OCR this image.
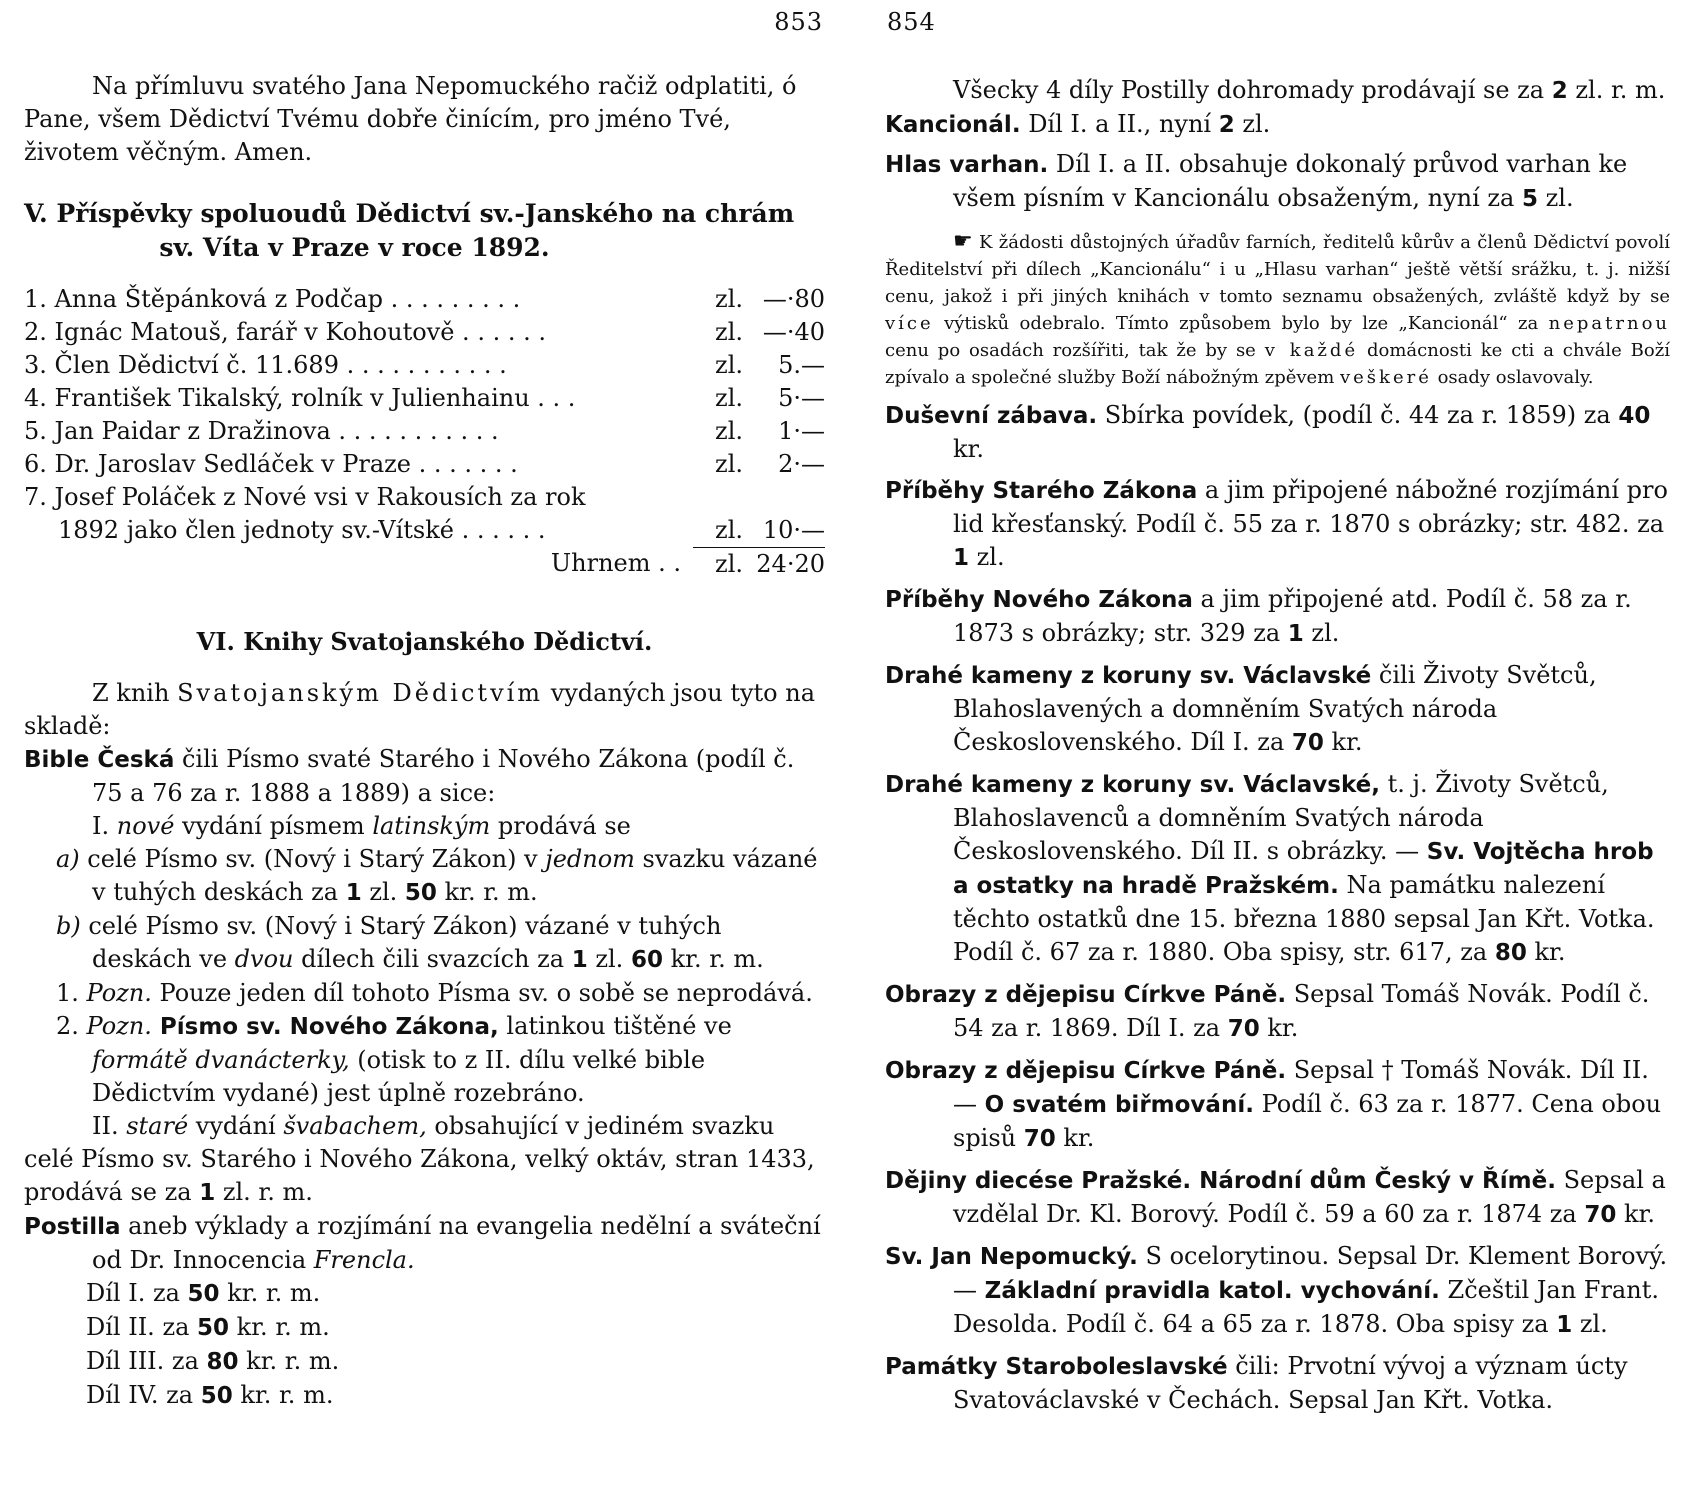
853
Na přímluvu svatého Jana Nepomuckého račiž odplatiti, ó Pane, všem Dědictví Tvému dobře činícím, pro jméno Tvé, životem věčným. Amen.
V. Příspěvky spoluoudů Dědictví sv.-Janského na chrám
sv. Víta v Praze v roce 1892.
1. Anna Štěpánková z Podčap . . . . . . . . .	zl. —·80
2. Ignác Matouš, farář v Kohoutově . . . . . .	zl. —·40
3. Člen Dědictví č. 11.689 . . . . . . . . . . .	zl.	5.—
4. František Tikalský, rolník v Julienhainu . . .	zl.	5·—
5. Jan Paidar z Dražinova . . . . . . . . . . .	zl.	1·—
6. Dr. Jaroslav Sedláček v Praze . . . . . . .	zl.	2·—
7. Josef Poláček z Nové vsi v Rakousích za rok
1892 jako člen jednoty sv.-Vítské . . . . . .	zl. 10·—
Uhrnem . .	zl. 24·20
VI. Knihy Svatojanského Dědictví.
Z knih Svatojanským Dědictvím vydaných jsou tyto na skladě:
Bible Česká čili Písmo svaté Starého i Nového Zákona (podíl č. 75 a 76 za r. 1888 a 1889) a sice:
I. nové vydání písmem latinským prodává se
a) celé Písmo sv. (Nový i Starý Zákon) v jednom svazku vázané v tuhých deskách za 1 zl. 50 kr. r. m.
b) celé Písmo sv. (Nový i Starý Zákon) vázané v tuhých deskách ve dvou dílech čili svazcích za 1 zl. 60 kr. r. m.
1. Pozn. Pouze jeden díl tohoto Písma sv. o sobě se neprodává.
2. Pozn. Písmo sv. Nového Zákona, latinkou tištěné ve formátě dvanácterky, (otisk to z II. dílu velké bible Dědictvím vydané) jest úplně rozebráno.
II. staré vydání švabachem, obsahující v jediném svazku celé Písmo sv. Starého i Nového Zákona, velký oktáv, stran 1433, prodává se za 1 zl. r. m.
Postilla aneb výklady a rozjímání na evangelia nedělní a sváteční od Dr. Innocencia Frencla.
Díl I. za 50 kr. r. m.
Díl II. za 50 kr. r. m.
Díl III. za 80 kr. r. m.
Díl IV. za 50 kr. r. m.
854
Všecky 4 díly Postilly dohromady prodávají se za 2 zl. r. m.
Kancionál. Díl I. a II., nyní 2 zl.
Hlas varhan. Díl I. a II. obsahuje dokonalý průvod varhan ke všem písním v Kancionálu obsaženým, nyní za 5 zl.
☛ K žádosti důstojných úřadův farních, ředitelů kůrův a členů Dědictví povolí Ředitelství při dílech „Kancionálu“ i u „Hlasu varhan“ ještě větší srážku, t. j. nižší cenu, jakož i při jiných knihách v tomto seznamu obsažených, zvláště když by se více výtisků odebralo. Tímto způsobem bylo by lze „Kancionál“ za nepatrnou cenu po osadách rozšířiti, tak že by se v každé domácnosti ke cti a chvále Boží zpívalo a společné služby Boží nábožným zpěvem veškeré osady oslavovaly.
Duševní zábava. Sbírka povídek, (podíl č. 44 za r. 1859) za 40 kr.
Příběhy Starého Zákona a jim připojené nábožné rozjímání pro lid křesťanský. Podíl č. 55 za r. 1870 s obrázky; str. 482. za 1 zl.
Příběhy Nového Zákona a jim připojené atd. Podíl č. 58 za r. 1873 s obrázky; str. 329 za 1 zl.
Drahé kameny z koruny sv. Václavské čili Životy Světců, Blahoslavených a domněním Svatých národa Československého. Díl I. za 70 kr.
Drahé kameny z koruny sv. Václavské, t. j. Životy Světců, Blahoslavenců a domněním Svatých národa Československého. Díl II. s obrázky. — Sv. Vojtěcha hrob a ostatky na hradě Pražském. Na památku nalezení těchto ostatků dne 15. března 1880 sepsal Jan Křt. Votka. Podíl č. 67 za r. 1880. Oba spisy, str. 617, za 80 kr.
Obrazy z dějepisu Církve Páně. Sepsal Tomáš Novák. Podíl č. 54 za r. 1869. Díl I. za 70 kr.
Obrazy z dějepisu Církve Páně. Sepsal † Tomáš Novák. Díl II. — O svatém biřmování. Podíl č. 63 za r. 1877. Cena obou spisů 70 kr.
Dějiny diecése Pražské. Národní dům Český v Římě. Sepsal a vzdělal Dr. Kl. Borový. Podíl č. 59 a 60 za r. 1874 za 70 kr.
Sv. Jan Nepomucký. S ocelorytinou. Sepsal Dr. Klement Borový. — Základní pravidla katol. vychování. Zčeštil Jan Frant. Desolda. Podíl č. 64 a 65 za r. 1878. Oba spisy za 1 zl.
Památky Staroboleslavské čili: Prvotní vývoj a význam úcty Svatováclavské v Čechách. Sepsal Jan Křt. Votka.
